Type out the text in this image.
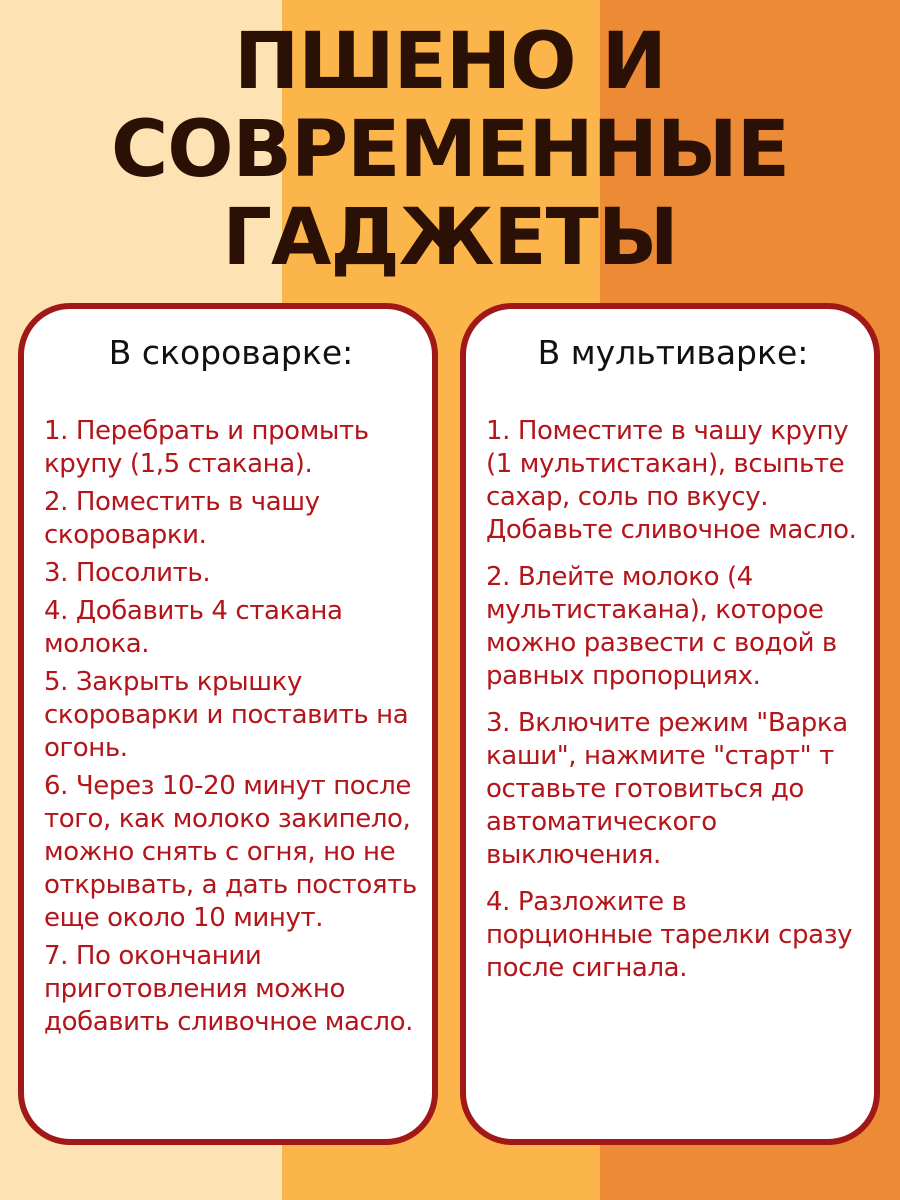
ПШЕНО И
СОВРЕМЕННЫЕ
ГАДЖЕТЫ
В скороварке:
1. Перебрать и промыть крупу (1,5 стакана).
2. Поместить в чашу скороварки.
3. Посолить.
4. Добавить 4 стакана молока.
5. Закрыть крышку скороварки и поставить на огонь.
6. Через 10-20 минут после того, как молоко закипело, можно снять с огня, но не открывать, а дать постоять еще около 10 минут.
7. По окончании приготовления можно добавить сливочное масло.
В мультиварке:
1. Поместите в чашу крупу (1 мультистакан), всыпьте сахар, соль по вкусу. Добавьте сливочное масло.
2. Влейте молоко (4 мультистакана), которое можно развести с водой в равных пропорциях.
3. Включите режим "Варка каши", нажмите "старт" т оставьте готовиться до автоматического выключения.
4. Разложите в порционные тарелки сразу после сигнала.
